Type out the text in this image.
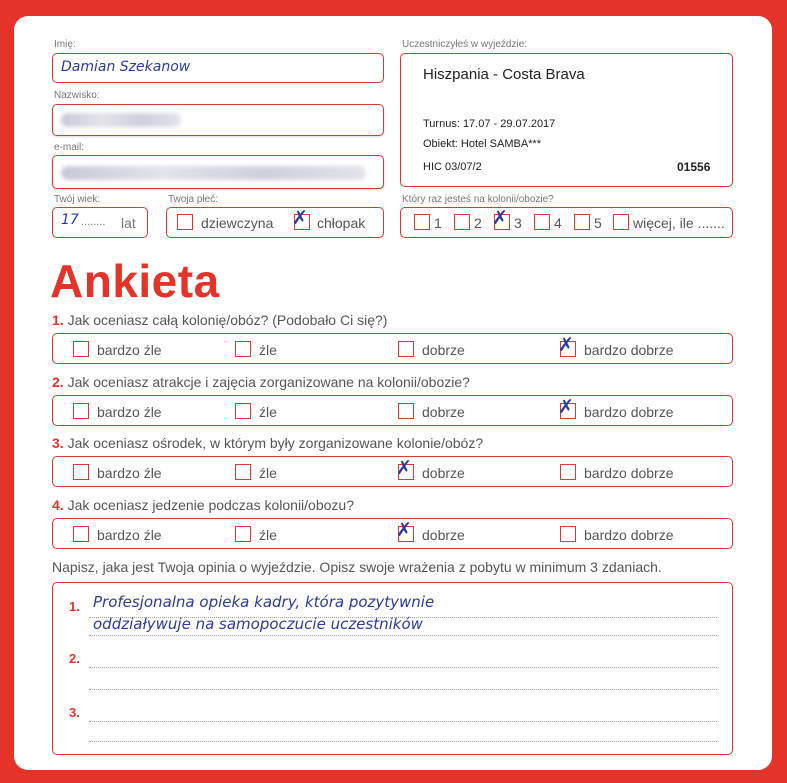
Imię:
Damian Szekanow
Nazwisko:
e-mail:
Twój wiek:
17 ........ lat
Twoja płeć:
dziewczyna ✗ chłopak
Uczestniczyłeś w wyjeździe:
Hiszpania - Costa Brava
Turnus: 17.07 - 29.07.2017
Obiekt: Hotel SAMBA***
HIC 03/07/2	01556
Który raz jesteś na kolonii/obozie?
1 2 ✗ 3 4 5 więcej, ile .......
Ankieta
1. Jak oceniasz całą kolonię/obóz? (Podobało Ci się?)
bardzo źle	źle	dobrze	✗ bardzo dobrze
2. Jak oceniasz atrakcje i zajęcia zorganizowane na kolonii/obozie?
bardzo źle	źle	dobrze	✗ bardzo dobrze
3. Jak oceniasz ośrodek, w którym były zorganizowane kolonie/obóz?
bardzo źle	źle	✗ dobrze	bardzo dobrze
4. Jak oceniasz jedzenie podczas kolonii/obozu?
bardzo źle	źle	✗ dobrze	bardzo dobrze
Napisz, jaka jest Twoja opinia o wyjeździe. Opisz swoje wrażenia z pobytu w minimum 3 zdaniach.
1. Profesjonalna opieka kadry, która pozytywnie
oddziaływuje na samopoczucie uczestników
2.
3.
